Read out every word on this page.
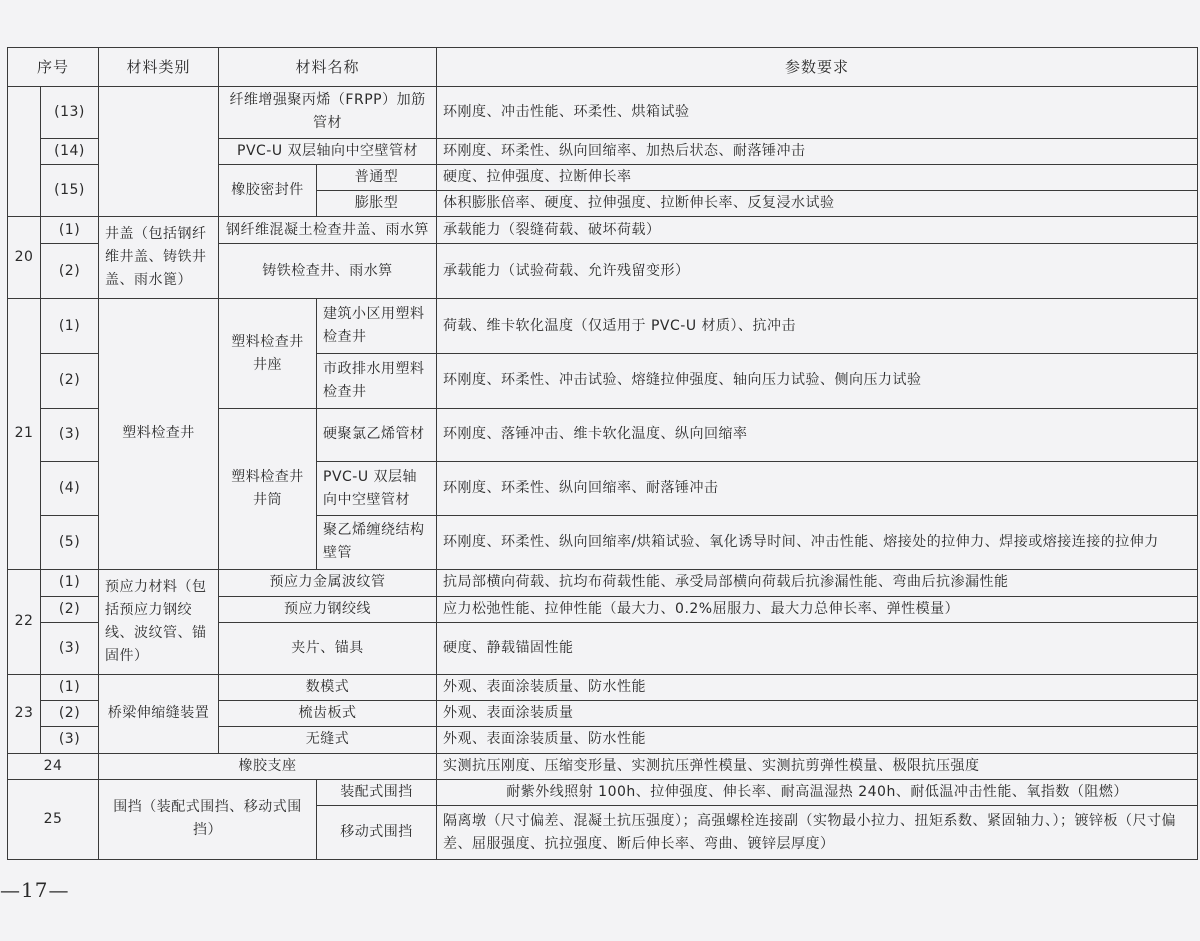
序号		材料类别	材料名称		参数要求
	(13)		纤维增强聚丙烯（FRPP）加筋管材		环刚度、冲击性能、环柔性、烘箱试验
	(14)		PVC-U 双层轴向中空壁管材		环刚度、环柔性、纵向回缩率、加热后状态、耐落锤冲击
	(15)		橡胶密封件	普通型	硬度、拉伸强度、拉断伸长率
				膨胀型	体积膨胀倍率、硬度、拉伸强度、拉断伸长率、反复浸水试验
20	(1)	井盖（包括钢纤维井盖、铸铁井盖、雨水篦）	钢纤维混凝土检查井盖、雨水箅		承载能力（裂缝荷载、破坏荷载）
	(2)		铸铁检查井、雨水箅		承载能力（试验荷载、允许残留变形）
21	(1)	塑料检查井	塑料检查井井座	建筑小区用塑料检查井	荷载、维卡软化温度（仅适用于 PVC-U 材质）、抗冲击
	(2)			市政排水用塑料检查井	环刚度、环柔性、冲击试验、熔缝拉伸强度、轴向压力试验、侧向压力试验
	(3)		塑料检查井井筒	硬聚氯乙烯管材	环刚度、落锤冲击、维卡软化温度、纵向回缩率
	(4)			PVC-U 双层轴向中空壁管材	环刚度、环柔性、纵向回缩率、耐落锤冲击
	(5)			聚乙烯缠绕结构壁管	环刚度、环柔性、纵向回缩率/烘箱试验、氧化诱导时间、冲击性能、熔接处的拉伸力、焊接或熔接连接的拉伸力
22	(1)	预应力材料（包括预应力钢绞线、波纹管、锚固件）	预应力金属波纹管		抗局部横向荷载、抗均布荷载性能、承受局部横向荷载后抗渗漏性能、弯曲后抗渗漏性能
	(2)		预应力钢绞线		应力松弛性能、拉伸性能（最大力、0.2%屈服力、最大力总伸长率、弹性模量）
	(3)		夹片、锚具		硬度、静载锚固性能
23	(1)	桥梁伸缩缝装置	数模式		外观、表面涂装质量、防水性能
	(2)		梳齿板式		外观、表面涂装质量
	(3)		无缝式		外观、表面涂装质量、防水性能
24		橡胶支座			实测抗压刚度、压缩变形量、实测抗压弹性模量、实测抗剪弹性模量、极限抗压强度
25		围挡（装配式围挡、移动式围挡）		装配式围挡	耐紫外线照射 100h、拉伸强度、伸长率、耐高温湿热 240h、耐低温冲击性能、氧指数（阻燃）
				移动式围挡	隔离墩（尺寸偏差、混凝土抗压强度）；高强螺栓连接副（实物最小拉力、扭矩系数、紧固轴力、）；镀锌板（尺寸偏差、屈服强度、抗拉强度、断后伸长率、弯曲、镀锌层厚度）
—17—
